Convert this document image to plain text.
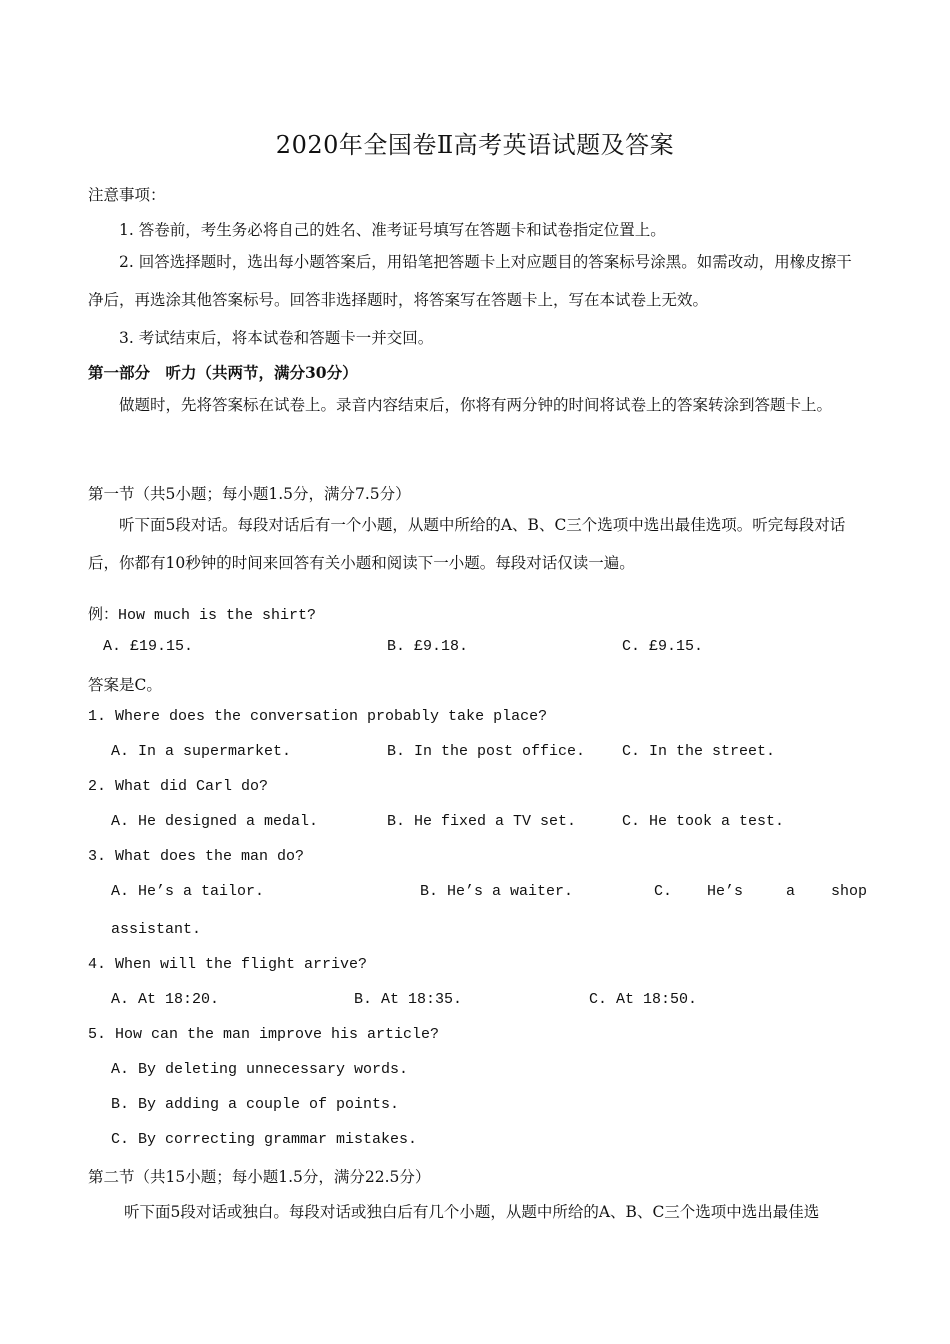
2020年全国卷Ⅱ高考英语试题及答案
注意事项：
1. 答卷前，考生务必将自己的姓名、准考证号填写在答题卡和试卷指定位置上。
2. 回答选择题时，选出每小题答案后，用铅笔把答题卡上对应题目的答案标号涂黑。如需改动，用橡皮擦干净后，再选涂其他答案标号。回答非选择题时，将答案写在答题卡上，写在本试卷上无效。
3. 考试结束后，将本试卷和答题卡一并交回。
第一部分　听力（共两节，满分30分）
做题时，先将答案标在试卷上。录音内容结束后，你将有两分钟的时间将试卷上的答案转涂到答题卡上。
第一节（共5小题；每小题1.5分，满分7.5分）
听下面5段对话。每段对话后有一个小题，从题中所给的A、B、C三个选项中选出最佳选项。听完每段对话后，你都有10秒钟的时间来回答有关小题和阅读下一小题。每段对话仅读一遍。
例：How much is the shirt?
A. £19.15.	B. £9.18.	C. £9.15.
答案是C。
1. Where does the conversation probably take place?
A. In a supermarket.	B. In the post office. C. In the street.
2. What did Carl do?
A. He designed a medal.	B. He fixed a TV set.	C. He took a test.
3. What does the man do?
A. He’s a tailor.	B. He’s a waiter.	C. He’s	a shop
assistant.
4. When will the flight arrive?
A. At 18:20.	B. At 18:35.	C. At 18:50.
5. How can the man improve his article?
A. By deleting unnecessary words.
B. By adding a couple of points.
C. By correcting grammar mistakes.
第二节（共15小题；每小题1.5分，满分22.5分）
听下面5段对话或独白。每段对话或独白后有几个小题，从题中所给的A、B、C三个选项中选出最佳选
